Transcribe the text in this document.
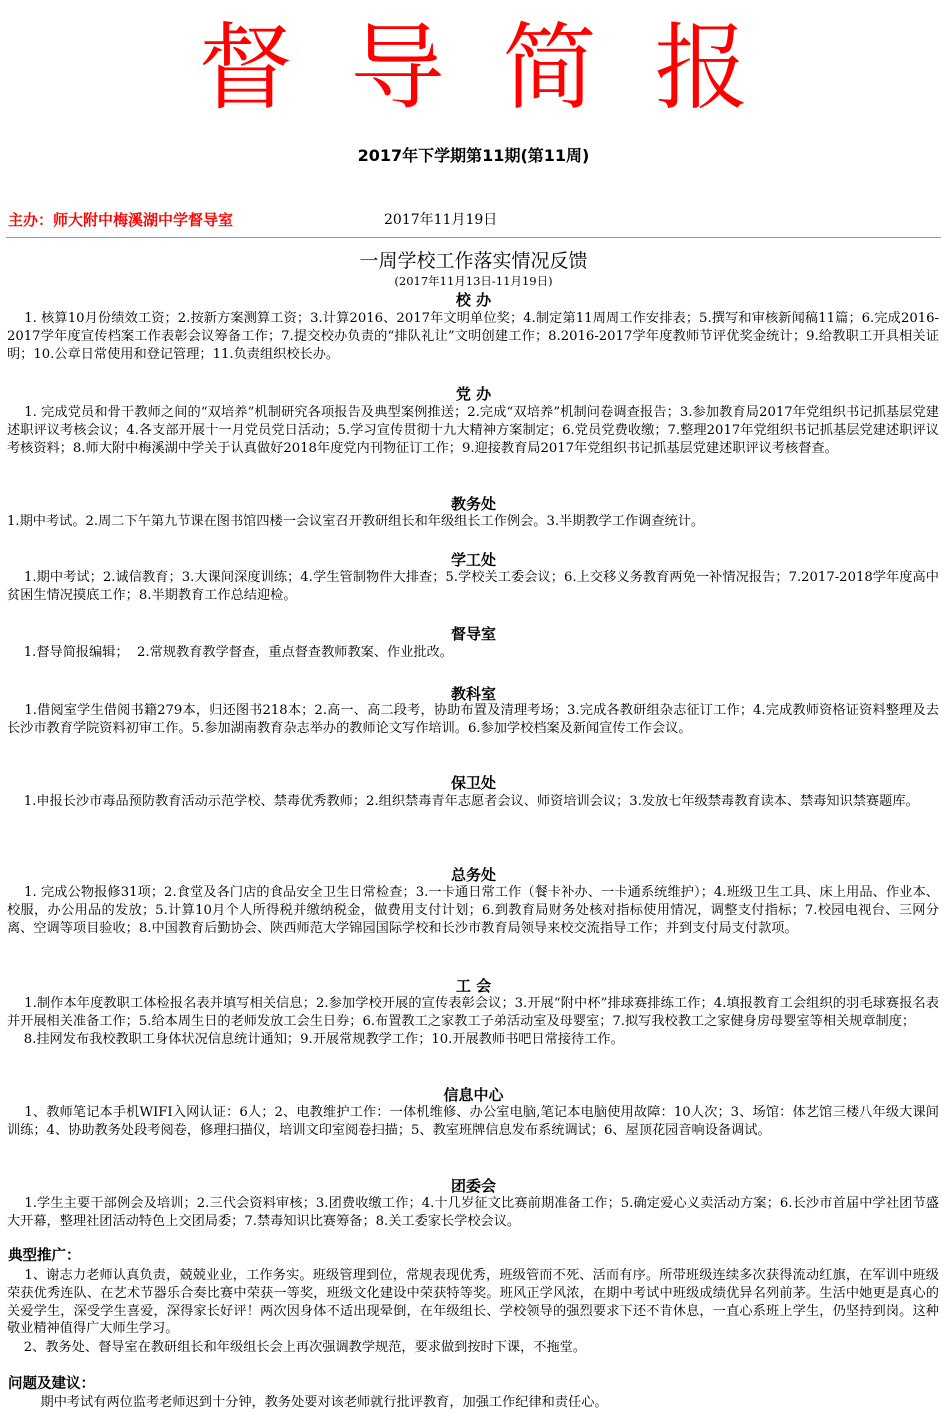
督导简报
2017年下学期第11期(第11周)
主办：师大附中梅溪湖中学督导室	2017年11月19日
一周学校工作落实情况反馈
(2017年11月13日-11月19日)
校 办

1. 核算10月份绩效工资；2.按新方案测算工资；3.计算2016、2017年文明单位奖；4.制定第11周周工作安排表；5.撰写和审核新闻稿11篇；6.完成2016-2017学年度宣传档案工作表彰会议筹备工作；7.提交校办负责的“排队礼让”文明创建工作；8.2016-2017学年度教师节评优奖金统计；9.给教职工开具相关证明；10.公章日常使用和登记管理；11.负责组织校长办。

党 办

1. 完成党员和骨干教师之间的“双培养”机制研究各项报告及典型案例推送；2.完成“双培养”机制问卷调查报告；3.参加教育局2017年党组织书记抓基层党建述职评议考核会议；4.各支部开展十一月党员党日活动；5.学习宣传贯彻十九大精神方案制定；6.党员党费收缴；7.整理2017年党组织书记抓基层党建述职评议考核资料；8.师大附中梅溪湖中学关于认真做好2018年度党内刊物征订工作；9.迎接教育局2017年党组织书记抓基层党建述职评议考核督查。

教务处

1.期中考试。2.周二下午第九节课在图书馆四楼一会议室召开教研组长和年级组长工作例会。3.半期教学工作调查统计。

学工处

1.期中考试；2.诚信教育；3.大课间深度训练；4.学生管制物件大排查；5.学校关工委会议；6.上交移义务教育两免一补情况报告；7.2017-2018学年度高中贫困生情况摸底工作；8.半期教育工作总结迎检。

督导室

1.督导简报编辑；  2.常规教育教学督查，重点督查教师教案、作业批改。

教科室

1.借阅室学生借阅书籍279本，归还图书218本；2.高一、高二段考，协助布置及清理考场；3.完成各教研组杂志征订工作；4.完成教师资格证资料整理及去长沙市教育学院资料初审工作。5.参加湖南教育杂志举办的教师论文写作培训。6.参加学校档案及新闻宣传工作会议。

保卫处

1.申报长沙市毒品预防教育活动示范学校、禁毒优秀教师；2.组织禁毒青年志愿者会议、师资培训会议；3.发放七年级禁毒教育读本、禁毒知识禁赛题库。

总务处

1. 完成公物报修31项；2.食堂及各门店的食品安全卫生日常检查；3.一卡通日常工作（餐卡补办、一卡通系统维护）；4.班级卫生工具、床上用品、作业本、校服，办公用品的发放；5.计算10月个人所得税并缴纳税金，做费用支付计划；6.到教育局财务处核对指标使用情况，调整支付指标；7.校园电视台、三网分离、空调等项目验收；8.中国教育后勤协会、陕西师范大学锦园国际学校和长沙市教育局领导来校交流指导工作；并到支付局支付款项。

工 会

1.制作本年度教职工体检报名表并填写相关信息；2.参加学校开展的宣传表彰会议；3.开展“附中杯”排球赛排练工作；4.填报教育工会组织的羽毛球赛报名表并开展相关准备工作；5.给本周生日的老师发放工会生日券；6.布置教工之家教工子弟活动室及母婴室；7.拟写我校教工之家健身房母婴室等相关规章制度；
8.挂网发布我校教职工身体状况信息统计通知；9.开展常规教学工作；10.开展教师书吧日常接待工作。

信息中心

1、教师笔记本手机WIFI入网认证：6人；2、电教维护工作：一体机维修、办公室电脑,笔记本电脑使用故障：10人次；3、场馆：体艺馆三楼八年级大课间训练；4、协助教务处段考阅卷，修理扫描仪，培训文印室阅卷扫描；5、教室班牌信息发布系统调试；6、屋顶花园音响设备调试。

团委会

1.学生主要干部例会及培训；2.三代会资料审核；3.团费收缴工作；4.十几岁征文比赛前期准备工作；5.确定爱心义卖活动方案；6.长沙市首届中学社团节盛大开幕，整理社团活动特色上交团局委；7.禁毒知识比赛筹备；8.关工委家长学校会议。

典型推广：

1、谢志力老师认真负责，兢兢业业，工作务实。班级管理到位，常规表现优秀，班级管而不死、活而有序。所带班级连续多次获得流动红旗，在军训中班级荣获优秀连队、在艺术节器乐合奏比赛中荣获一等奖，班级文化建设中荣获特等奖。班风正学风浓，在期中考试中班级成绩优异名列前茅。生活中她更是真心的关爱学生，深受学生喜爱，深得家长好评！两次因身体不适出现晕倒，在年级组长、学校领导的强烈要求下还不肯休息，一直心系班上学生，仍坚持到岗。这种敬业精神值得广大师生学习。

2、教务处、督导室在教研组长和年级组长会上再次强调教学规范，要求做到按时下课，不拖堂。

问题及建议：

期中考试有两位监考老师迟到十分钟，教务处要对该老师就行批评教育，加强工作纪律和责任心。
